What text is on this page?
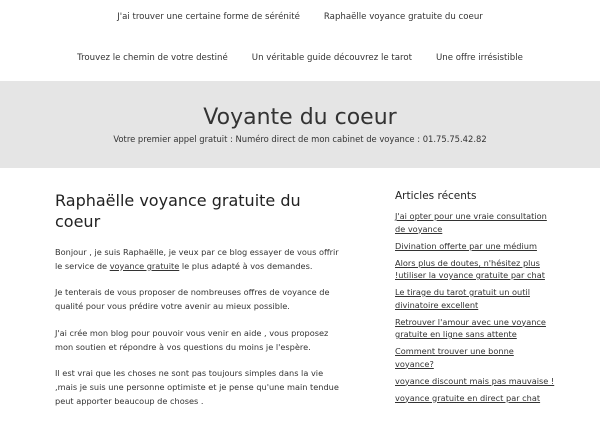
J'ai trouver une certaine forme de sérénité	Raphaëlle voyance gratuite du coeur
Trouvez le chemin de votre destiné	Un véritable guide découvrez le tarot	Une offre irrésistible
Voyante du coeur
Votre premier appel gratuit : Numéro direct de mon cabinet de voyance : 01.75.75.42.82
Raphaëlle voyance gratuite du coeur

Bonjour , je suis Raphaëlle, je veux par ce blog essayer de vous offrir le service de voyance gratuite le plus adapté à vos demandes.

Je tenterais de vous proposer de nombreuses offres de voyance de qualité pour vous prédire votre avenir au mieux possible.

J'ai crée mon blog pour pouvoir vous venir en aide , vous proposez mon soutien et répondre à vos questions du moins je l'espère.

Il est vrai que les choses ne sont pas toujours simples dans la vie ,mais je suis une personne optimiste et je pense qu'une main tendue peut apporter beaucoup de choses .

Articles récents
J'ai opter pour une vraie consultation de voyance
Divination offerte par une médium
Alors plus de doutes, n'hésitez plus !utiliser la voyance gratuite par chat
Le tirage du tarot gratuit un outil divinatoire excellent
Retrouver l'amour avec une voyance gratuite en ligne sans attente
Comment trouver une bonne voyance?
voyance discount mais pas mauvaise !
voyance gratuite en direct par chat
